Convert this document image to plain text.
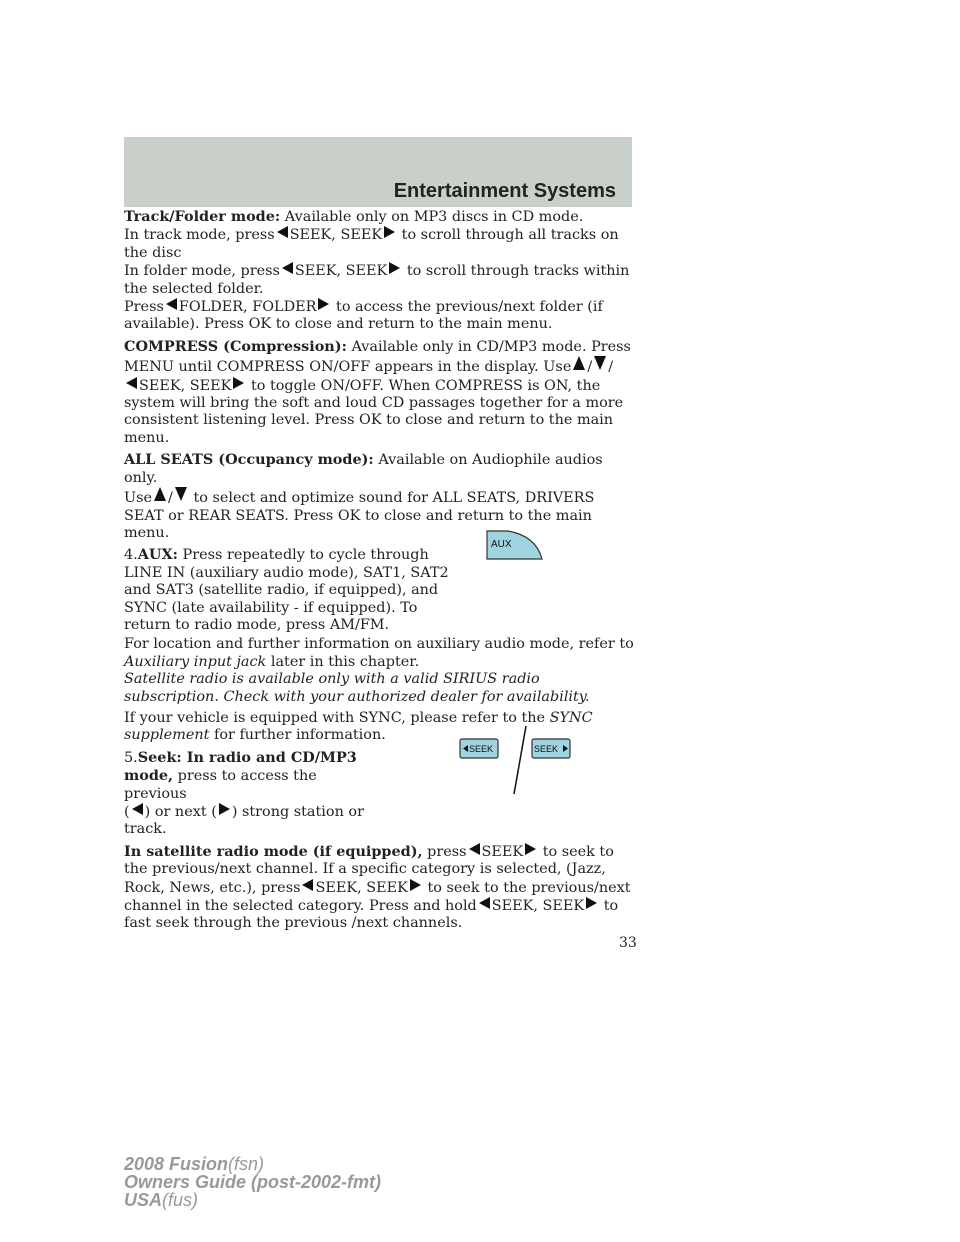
Entertainment Systems

Track/Folder mode: Available only on MP3 discs in CD mode.
In track mode, press SEEK, SEEK to scroll through all tracks on the disc
In folder mode, press SEEK, SEEK to scroll through tracks within the selected folder.
Press FOLDER, FOLDER to access the previous/next folder (if available). Press OK to close and return to the main menu.

COMPRESS (Compression): Available only in CD/MP3 mode. Press MENU until COMPRESS ON/OFF appears in the display. Use / /
SEEK, SEEK to toggle ON/OFF. When COMPRESS is ON, the system will bring the soft and loud CD passages together for a more consistent listening level. Press OK to close and return to the main menu.

ALL SEATS (Occupancy mode): Available on Audiophile audios only.
Use / to select and optimize sound for ALL SEATS, DRIVERS SEAT or REAR SEATS. Press OK to close and return to the main menu.

4.AUX: Press repeatedly to cycle through LINE IN (auxiliary audio mode), SAT1, SAT2 and SAT3 (satellite radio, if equipped), and SYNC (late availability - if equipped). To return to radio mode, press AM/FM.

For location and further information on auxiliary audio mode, refer to Auxiliary input jack later in this chapter.
Satellite radio is available only with a valid SIRIUS radio subscription. Check with your authorized dealer for availability.

If your vehicle is equipped with SYNC, please refer to the SYNC supplement for further information.

5.Seek: In radio and CD/MP3 mode, press to access the previous
( ) or next ( ) strong station or track.

In satellite radio mode (if equipped), press SEEK to seek to the previous/next channel. If a specific category is selected, (Jazz, Rock, News, etc.), press SEEK, SEEK to seek to the previous/next channel in the selected category. Press and hold SEEK, SEEK to fast seek through the previous /next channels.

AUX
SEEK	SEEK
33
2008 Fusion(fsn)
Owners Guide (post-2002-fmt)
USA(fus)
